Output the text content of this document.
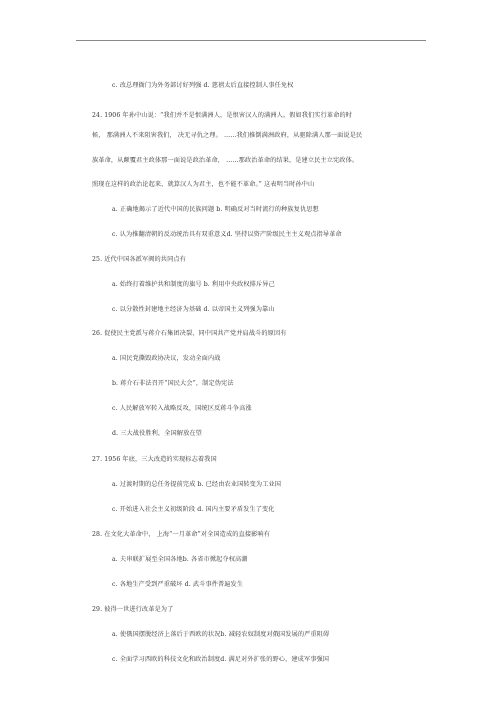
c. 改总理衙门为外务部讨好列强 d. 慈禧太后直接控制人事任免权
24. 1906 年孙中山说：“我们并不是恨满洲人，是恨害汉人的满洲人。假如我们实行革命的时
候， 那满洲人不来阻害我们， 决无寻仇之理。 ……我们推倒满洲政府，从驱除满人那一面说是民
族革命，从颠覆君主政体那一面说是政治革命， ……那政治革命的结果，是建立民主立宪政体。
照现在这样的政治论起来，就算汉人为君主，也不能不革命。” 这表明当时孙中山
a. 正确地揭示了近代中国的民族问题 b. 明确反对当时流行的种族复仇思想
c. 认为推翻清朝的反动统治具有双重意义d. 坚持以资产阶级民主主义观点指导革命
25. 近代中国各派军阀的共同点有
a. 始终打着维护共和制度的旗号 b. 利用中央政权排斥异己
c. 以分散性封建地主经济为基础 d. 以帝国主义列强为靠山
26. 促使民主党派与蒋介石集团决裂，同中国共产党并肩战斗的原因有
a. 国民党撕毁政协决议，发动全面内战
b. 蒋介石非法召开“国民大会”，制定伪宪法
c. 人民解放军转入战略反攻，国统区反蒋斗争高涨
d. 三大战役胜利，全国解放在望
27. 1956 年底，三大改造的实现标志着我国
a. 过渡时期的总任务提前完成 b. 已经由农业国转变为工业国
c. 开始进入社会主义初级阶段 d. 国内主要矛盾发生了变化
28. 在文化大革命中， 上海“一月革命”对全国造成的直接影响有
a. 夫串联扩展至全国各地b. 各省市掀起夺权高潮
c. 各地生产受到严重破坏 d. 武斗事件普遍发生
29. 彼得一世进行改革是为了
a. 使俄国摆脱经济上落后于西欧的状况b. 减轻农奴制度对俄国发展的严重阻碍
c. 全面学习西欧的科技文化和政治制度d. 满足对外扩张的野心，建成军事强国
